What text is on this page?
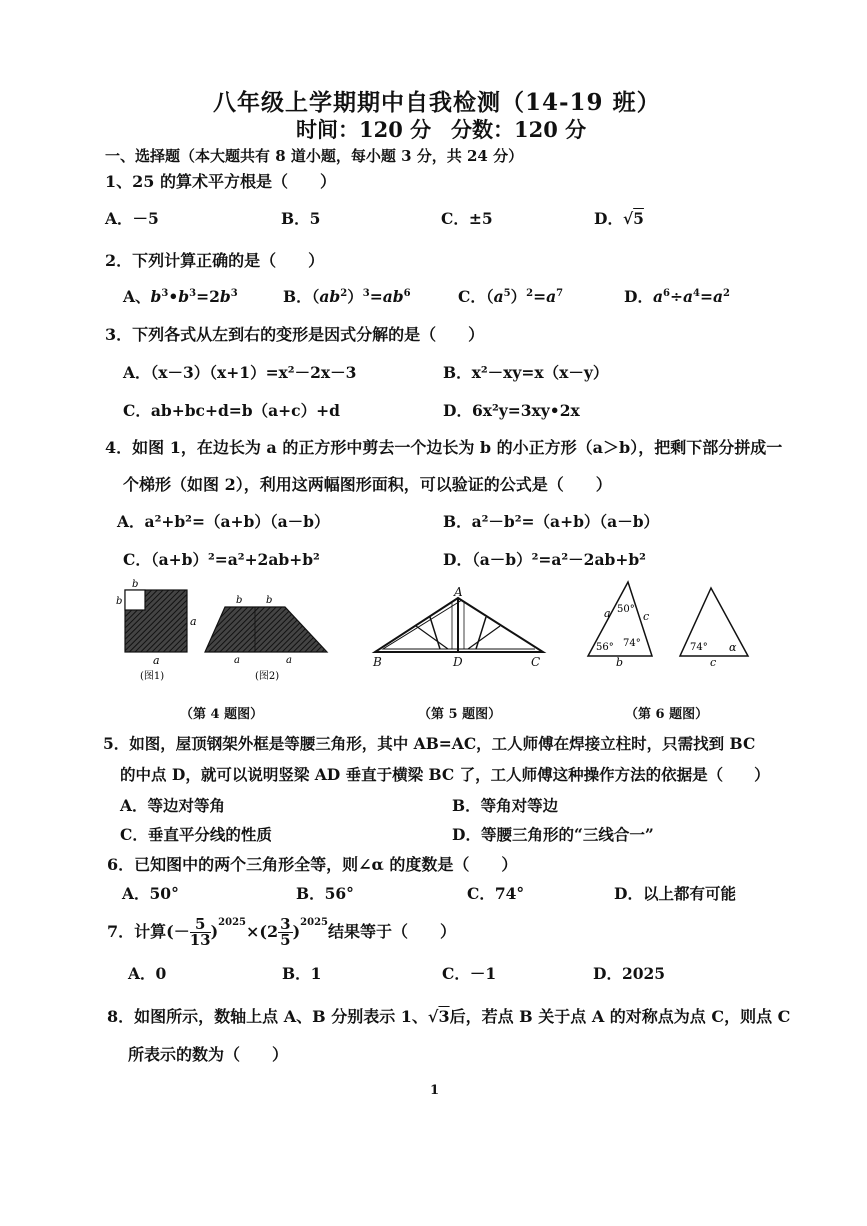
八年级上学期期中自我检测（14-19 班）
时间：120 分 分数：120 分
一、选择题（本大题共有 8 道小题，每小题 3 分，共 24 分）
1、25 的算术平方根是（　　）
A．－5	B．5	C．±5	D．√5
2．下列计算正确的是（　　）
A、$b^3•b^3=2b^3$	B．$(ab^2)^3=ab^6$	C．$(a^5)^2=a^7$	D．$a^6\div a^4=a^2$
3．下列各式从左到右的变形是因式分解的是（　　）
A．（x－3）（x+1）=x²－2x－3	B．x²－xy=x（x－y）
C．ab+bc+d=b（a+c）+d	D．6x²y=3xy•2x
4．如图 1，在边长为 a 的正方形中剪去一个边长为 b 的小正方形（a＞b），把剩下部分拼成一
个梯形（如图 2），利用这两幅图形面积，可以验证的公式是（　　）
A．a²+b²=（a+b）（a－b）	B．a²－b²=（a+b）（a－b）
C．（a+b）²=a²+2ab+b²	D．（a－b）²=a²－2ab+b²
b
b
a
a
(图1)
b b
a	a
(图2)
A
B	D	C
a	c
b
50°
56° 74°	74° α
c
（第 4 题图）	（第 5 题图）	（第 6 题图）
5．如图，屋顶钢架外框是等腰三角形，其中 AB=AC，工人师傅在焊接立柱时，只需找到 BC
的中点 D，就可以说明竖梁 AD 垂直于横梁 BC 了，工人师傅这种操作方法的依据是（　　）
A．等边对等角	B．等角对等边
C．垂直平分线的性质	D．等腰三角形的“三线合一”
6．已知图中的两个三角形全等，则∠α 的度数是（　　）
A．50°	B．56°	C．74°	D．以上都有可能
7．计算(－ $\frac{5}{13} )^{2025}\times(2 \frac{3}{5} )^{2025}$结果等于（　　）
A．0	B．1	C．－1	D．2025
8．如图所示，数轴上点 A、B 分别表示 1、√3后，若点 B 关于点 A 的对称点为点 C，则点 C
所表示的数为（　　）
1
